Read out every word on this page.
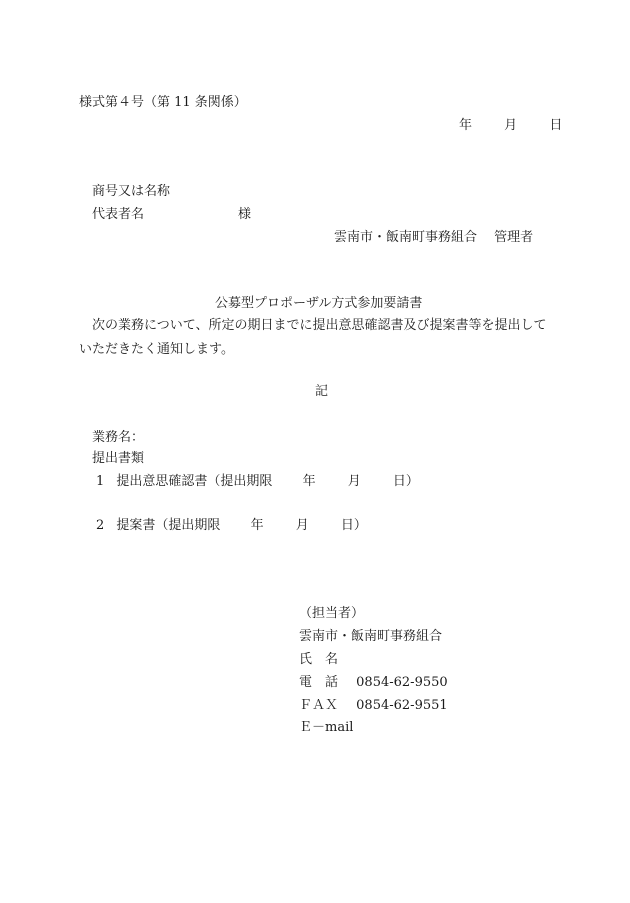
様式第４号（第 11 条関係）
年 月 日
商号又は名称
代表者名	様
雲南市・飯南町事務組合 管理者
公募型プロポーザル方式参加要請書
次の業務について、所定の期日までに提出意思確認書及び提案書等を提出していただきたく通知します。
記
業務名：
提出書類
1 提出意思確認書（提出期限 年 月 日）
2 提案書（提出期限 年 月 日）
（担当者）
雲南市・飯南町事務組合
氏　名
電　話 0854-62-9550
ＦＡＸ 0854-62-9551
Ｅ－mail
